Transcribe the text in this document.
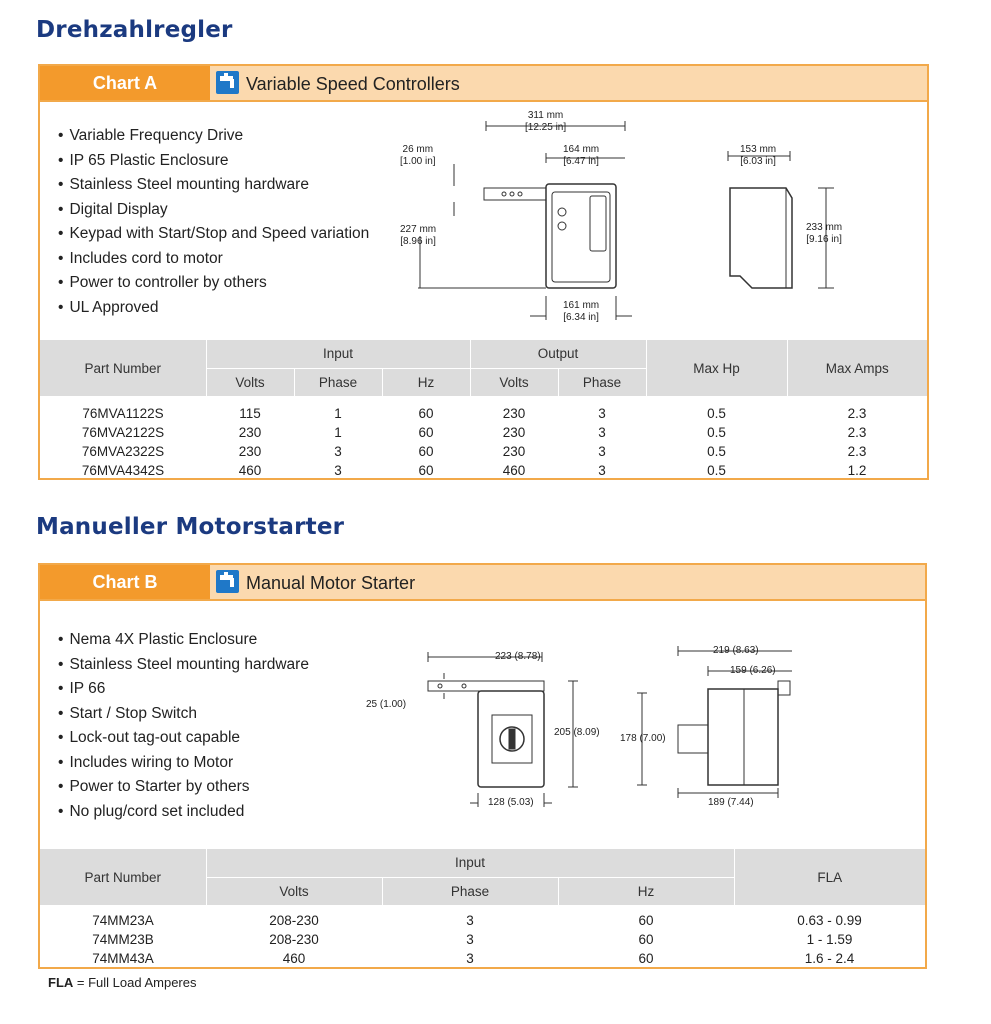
Drehzahlregler
Chart A	Variable Speed Controllers
• Variable Frequency Drive
• IP 65 Plastic Enclosure
• Stainless Steel mounting hardware
• Digital Display
• Keypad with Start/Stop and Speed variation
• Includes cord to motor
• Power to controller by others
• UL Approved
311 mm
[12.25 in]
26 mm
[1.00 in]
164 mm
[6.47 in]
227 mm
[8.96 in]
161 mm
[6.34 in]
153 mm
[6.03 in]
233 mm
[9.16 in]
Part Number	Input			Output		Max Hp	Max Amps
	Volts	Phase	Hz	Volts	Phase		

76MVA1122S	115	1	60	230	3	0.5	2.3
76MVA2122S	230	1	60	230	3	0.5	2.3
76MVA2322S	230	3	60	230	3	0.5	2.3
76MVA4342S	460	3	60	460	3	0.5	1.2
Manueller Motorstarter
Chart B	Manual Motor Starter
• Nema 4X Plastic Enclosure
• Stainless Steel mounting hardware
• IP 66
• Start / Stop Switch
• Lock-out tag-out capable
• Includes wiring to Motor
• Power to Starter by others
• No plug/cord set included
223 (8.78)
25 (1.00)
205 (8.09)
128 (5.03)
219 (8.63)
159 (6.26)
178 (7.00)
189 (7.44)
Part Number	Input			FLA
	Volts	Phase	Hz	

74MM23A	208-230	3	60	0.63 - 0.99
74MM23B	208-230	3	60	1 - 1.59
74MM43A	460	3	60	1.6 - 2.4
FLA = Full Load Amperes
